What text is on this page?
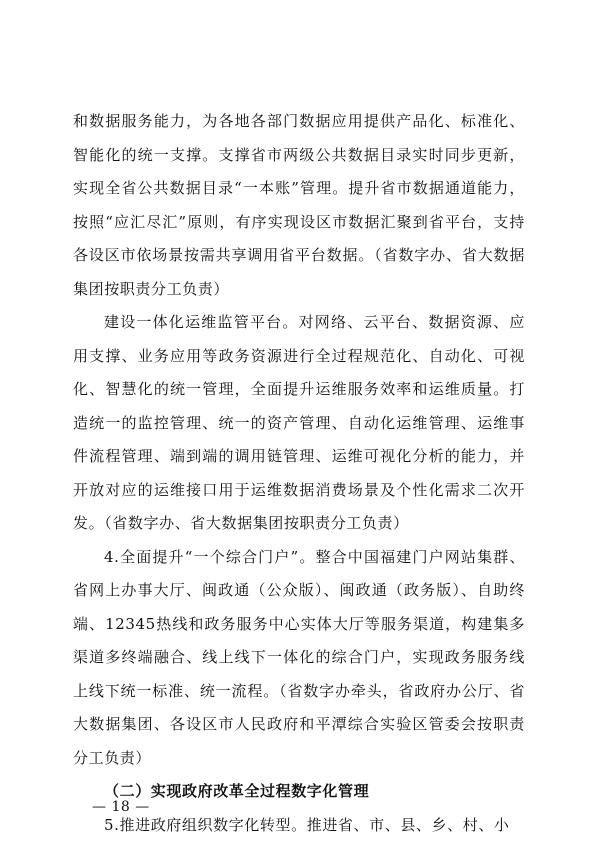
和数据服务能力，为各地各部门数据应用提供产品化、标准化、智能化的统一支撑。支撑省市两级公共数据目录实时同步更新，实现全省公共数据目录“一本账”管理。提升省市数据通道能力，按照“应汇尽汇”原则，有序实现设区市数据汇聚到省平台，支持各设区市依场景按需共享调用省平台数据。（省数字办、省大数据集团按职责分工负责）

建设一体化运维监管平台。对网络、云平台、数据资源、应用支撑、业务应用等政务资源进行全过程规范化、自动化、可视化、智慧化的统一管理，全面提升运维服务效率和运维质量。打造统一的监控管理、统一的资产管理、自动化运维管理、运维事件流程管理、端到端的调用链管理、运维可视化分析的能力，并开放对应的运维接口用于运维数据消费场景及个性化需求二次开发。（省数字办、省大数据集团按职责分工负责）

4.全面提升“一个综合门户”。整合中国福建门户网站集群、省网上办事大厅、闽政通（公众版）、闽政通（政务版）、自助终端、12345热线和政务服务中心实体大厅等服务渠道，构建集多渠道多终端融合、线上线下一体化的综合门户，实现政务服务线上线下统一标准、统一流程。（省数字办牵头，省政府办公厅、省大数据集团、各设区市人民政府和平潭综合实验区管委会按职责分工负责）

（二）实现政府改革全过程数字化管理

5.推进政府组织数字化转型。推进省、市、县、乡、村、小

— 18 —
